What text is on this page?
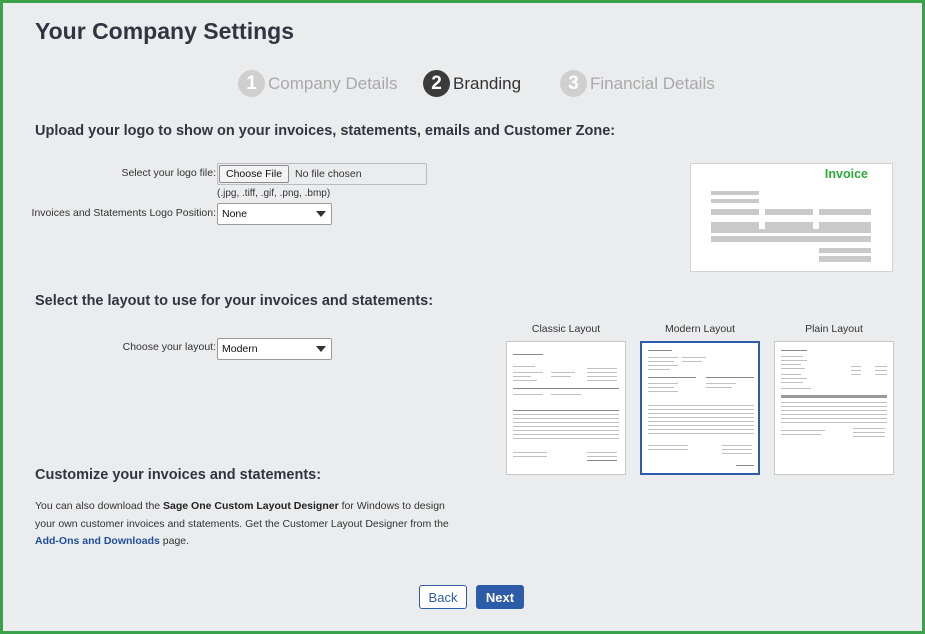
Your Company Settings
1 Company Details	2 Branding	3 Financial Details
Upload your logo to show on your invoices, statements, emails and Customer Zone:
Select your logo file: Choose File	No file chosen
(.jpg, .tiff, .gif, .png, .bmp)
Invoices and Statements Logo Position: None
Invoice
Select the layout to use for your invoices and statements:
Choose your layout: Modern
Classic Layout	Modern Layout	Plain Layout
Customize your invoices and statements:
You can also download the Sage One Custom Layout Designer for Windows to design your own customer invoices and statements. Get the Customer Layout Designer from the Add-Ons and Downloads page.
Back	Next
